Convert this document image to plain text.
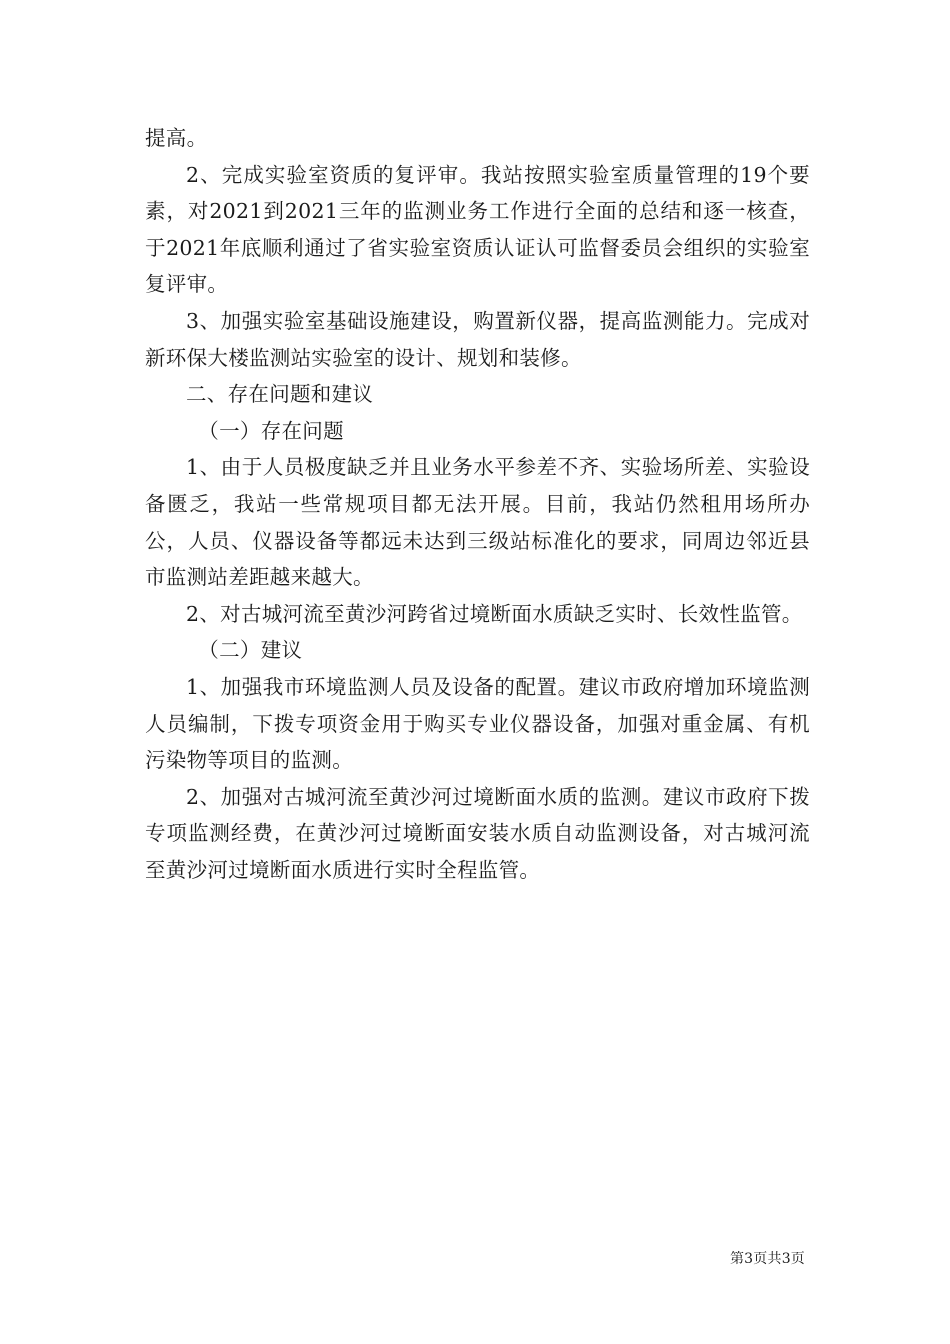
提高。

2、完成实验室资质的复评审。我站按照实验室质量管理的19个要素，对2021到2021三年的监测业务工作进行全面的总结和逐一核查，于2021年底顺利通过了省实验室资质认证认可监督委员会组织的实验室复评审。

3、加强实验室基础设施建设，购置新仪器，提高监测能力。完成对新环保大楼监测站实验室的设计、规划和装修。

二、存在问题和建议

（一）存在问题

1、由于人员极度缺乏并且业务水平参差不齐、实验场所差、实验设备匮乏，我站一些常规项目都无法开展。目前，我站仍然租用场所办公，人员、仪器设备等都远未达到三级站标准化的要求，同周边邻近县市监测站差距越来越大。

2、对古城河流至黄沙河跨省过境断面水质缺乏实时、长效性监管。

（二）建议

1、加强我市环境监测人员及设备的配置。建议市政府增加环境监测人员编制，下拨专项资金用于购买专业仪器设备，加强对重金属、有机污染物等项目的监测。

2、加强对古城河流至黄沙河过境断面水质的监测。建议市政府下拨专项监测经费，在黄沙河过境断面安装水质自动监测设备，对古城河流至黄沙河过境断面水质进行实时全程监管。

第3页共3页
